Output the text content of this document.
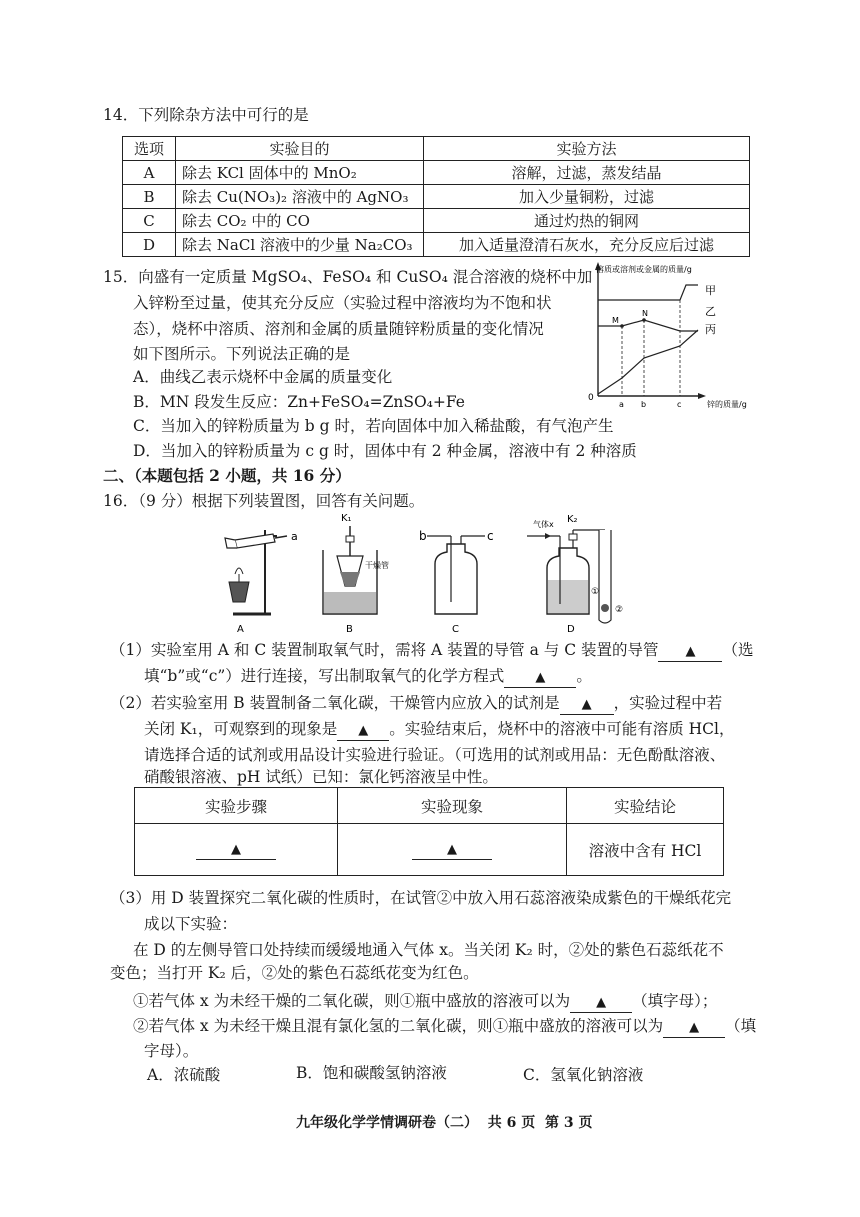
14．下列除杂方法中可行的是
选项	实验目的	实验方法
A	除去 KCl 固体中的 MnO₂	溶解，过滤，蒸发结晶
B	除去 Cu(NO₃)₂ 溶液中的 AgNO₃	加入少量铜粉，过滤
C	除去 CO₂ 中的 CO	通过灼热的铜网
D	除去 NaCl 溶液中的少量 Na₂CO₃	加入适量澄清石灰水，充分反应后过滤
15．向盛有一定质量 MgSO₄、FeSO₄ 和 CuSO₄ 混合溶液的烧杯中加
入锌粉至过量，使其充分反应（实验过程中溶液均为不饱和状
态），烧杯中溶质、溶剂和金属的质量随锌粉质量的变化情况
如下图所示。下列说法正确的是
A．曲线乙表示烧杯中金属的质量变化
B．MN 段发生反应：Zn+FeSO₄=ZnSO₄+Fe
C．当加入的锌粉质量为 b g 时，若向固体中加入稀盐酸，有气泡产生
D．当加入的锌粉质量为 c g 时，固体中有 2 种金属，溶液中有 2 种溶质
溶质或溶剂或金属的质量/g
锌的质量/g
0
M
N
甲
乙
丙
a b	c
二、（本题包括 2 小题，共 16 分）
16．（9 分）根据下列装置图，回答有关问题。
A
a
K₁
干燥管
B
b	c
C
气体x K₂
①
②
D
（1）实验室用 A 和 C 装置制取氧气时，需将 A 装置的导管 a 与 C 装置的导管 ▲ （选
填“b”或“c”）进行连接，写出制取氧气的化学方程式 ▲ 。
（2）若实验室用 B 装置制备二氧化碳，干燥管内应放入的试剂是 ▲ ，实验过程中若
关闭 K₁，可观察到的现象是 ▲ 。实验结束后，烧杯中的溶液中可能有溶质 HCl，
请选择合适的试剂或用品设计实验进行验证。（可选用的试剂或用品：无色酚酞溶液、
硝酸银溶液、pH 试纸）已知：氯化钙溶液呈中性。
实验步骤	实验现象	实验结论
▲	▲	溶液中含有 HCl
（3）用 D 装置探究二氧化碳的性质时，在试管②中放入用石蕊溶液染成紫色的干燥纸花完
成以下实验：
在 D 的左侧导管口处持续而缓缓地通入气体 x。当关闭 K₂ 时，②处的紫色石蕊纸花不
变色；当打开 K₂ 后，②处的紫色石蕊纸花变为红色。
①若气体 x 为未经干燥的二氧化碳，则①瓶中盛放的溶液可以为 ▲ （填字母）；
②若气体 x 为未经干燥且混有氯化氢的二氧化碳，则①瓶中盛放的溶液可以为 ▲ （填
字母）。
A．浓硫酸	B．饱和碳酸氢钠溶液	C．氢氧化钠溶液
九年级化学学情调研卷（二）  共 6 页  第 3 页
